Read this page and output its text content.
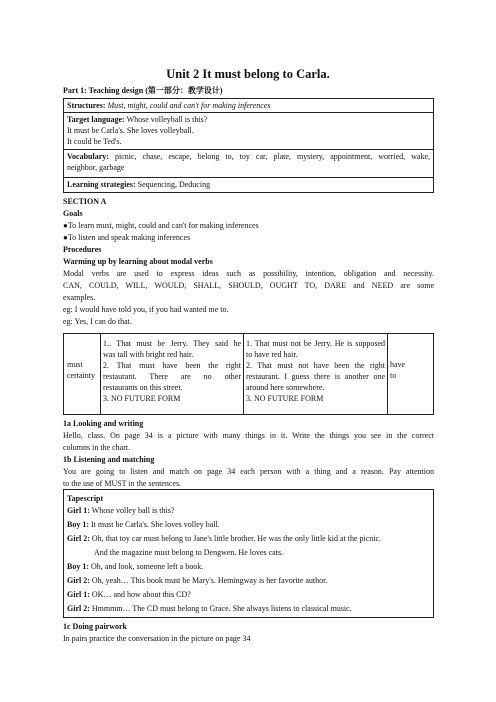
Unit 2 It must belong to Carla.
Part 1: Teaching design (第一部分：教学设计)
Structures: Must, might, could and can't for making inferences
Target language: Whose volleyball is this?
It must be Carla's. She loves volleyball.
It could be Ted's.
Vocabulary: picnic, chase, escape, belong to, toy car, plate, mystery, appointment, worried, wake,
neighbor, garbage
Learning strategies: Sequencing, Deducing
SECTION A
Goals
●To learn must, might, could and can't for making inferences
●To listen and speak making inferences
Procedures
Warming up by learning about modal verbs
Modal verbs are used to express ideas such as possibility, intention, obligation and necessity.
CAN, COULD, WILL, WOULD, SHALL, SHOULD, OUGHT TO, DARE and NEED are some
examples.
eg: I would have told you, if you had wanted me to.
eg: Yes, I can do that.
must
certainty
1.. That must be Jerry. They said he
was tall with bright red hair.
2. That must have been the right
restaurant. There are no other
restaurants on this street.
3. NO FUTURE FORM
1. That must not be Jerry. He is supposed
to have red hair.
2. That must not have been the right
restaurant. I guess there is another one
around here somewhere.
3. NO FUTURE FORM
have
to
1a Looking and writing
Hello, class. On page 34 is a picture with many things in it. Write the things you see in the correct
columns in the chart.
1b Listening and matching
You are going to listen and match on page 34 each person with a thing and a reason. Pay attention
to the use of MUST in the sentences.
Tapescript
Girl 1: Whose volley ball is this?
Boy 1: It must be Carla's. She loves volley ball.
Girl 2: Oh, that toy car must belong to Jane's little brother. He was the only little kid at the picnic.
And the magazine must belong to Dengwen. He loves cats.
Boy 1: Oh, and look, someone left a book.
Girl 2: Oh, yeah… This book must be Mary's. Hemingway is her favorite author.
Girl 1: OK… and how about this CD?
Girl 2: Hmmmm… The CD must belong to Grace. She always listens to classical music.
1c Doing pairwork
In pairs practice the conversation in the picture on page 34
